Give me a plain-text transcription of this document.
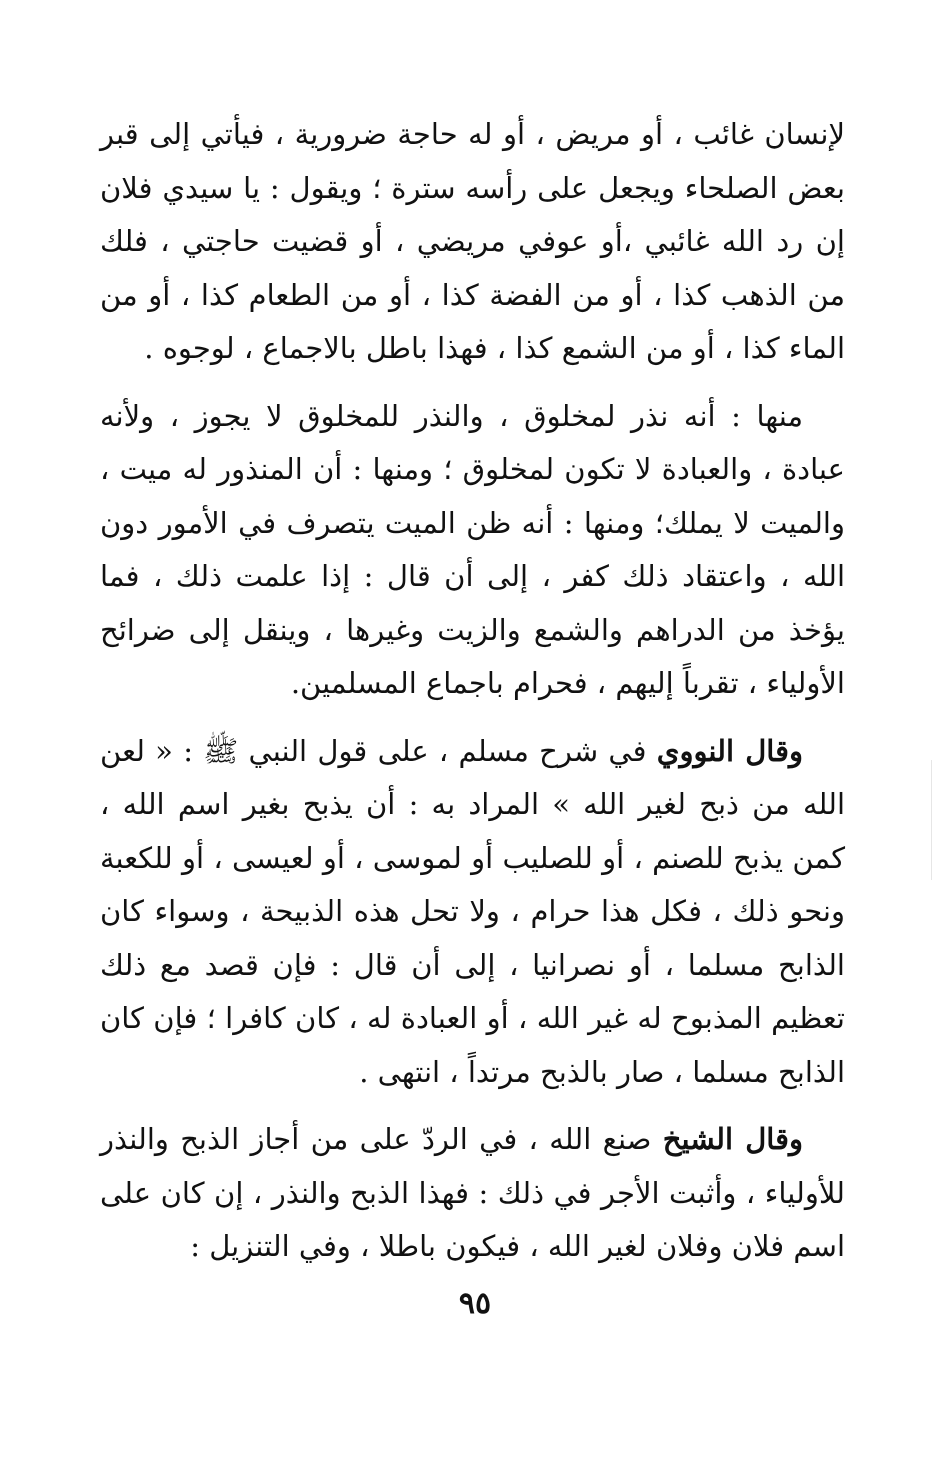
لإنسان غائب ، أو مريض ، أو له حاجة ضرورية ، فيأتي إلى قبر بعض الصلحاء ويجعل على رأسه سترة ؛ ويقول : يا سيدي فلان إن رد الله غائبي ،أو عوفي مريضي ، أو قضيت حاجتي ، فلك من الذهب كذا ، أو من الفضة كذا ، أو من الطعام كذا ، أو من الماء كذا ، أو من الشمع كذا ، فهذا باطل بالاجماع ، لوجوه .

منها : أنه نذر لمخلوق ، والنذر للمخلوق لا يجوز ، ولأنه عبادة ، والعبادة لا تكون لمخلوق ؛ ومنها : أن المنذور له ميت ، والميت لا يملك؛ ومنها : أنه ظن الميت يتصرف في الأمور دون الله ، واعتقاد ذلك كفر ، إلى أن قال : إذا علمت ذلك ، فما يؤخذ من الدراهم والشمع والزيت وغيرها ، وينقل إلى ضرائح الأولياء ، تقرباً إليهم ، فحرام باجماع المسلمين.

وقال النووي في شرح مسلم ، على قول النبي ﷺ : « لعن الله من ذبح لغير الله » المراد به : أن يذبح بغير اسم الله ، كمن يذبح للصنم ، أو للصليب أو لموسى ، أو لعيسى ، أو للكعبة ونحو ذلك ، فكل هذا حرام ، ولا تحل هذه الذبيحة ، وسواء كان الذابح مسلما ، أو نصرانيا ، إلى أن قال : فإن قصد مع ذلك تعظيم المذبوح له غير الله ، أو العبادة له ، كان كافرا ؛ فإن كان الذابح مسلما ، صار بالذبح مرتداً ، انتهى .

وقال الشيخ صنع الله ، في الردّ على من أجاز الذبح والنذر للأولياء ، وأثبت الأجر في ذلك : فهذا الذبح والنذر ، إن كان على اسم فلان وفلان لغير الله ، فيكون باطلا ، وفي التنزيل :

٩٥
